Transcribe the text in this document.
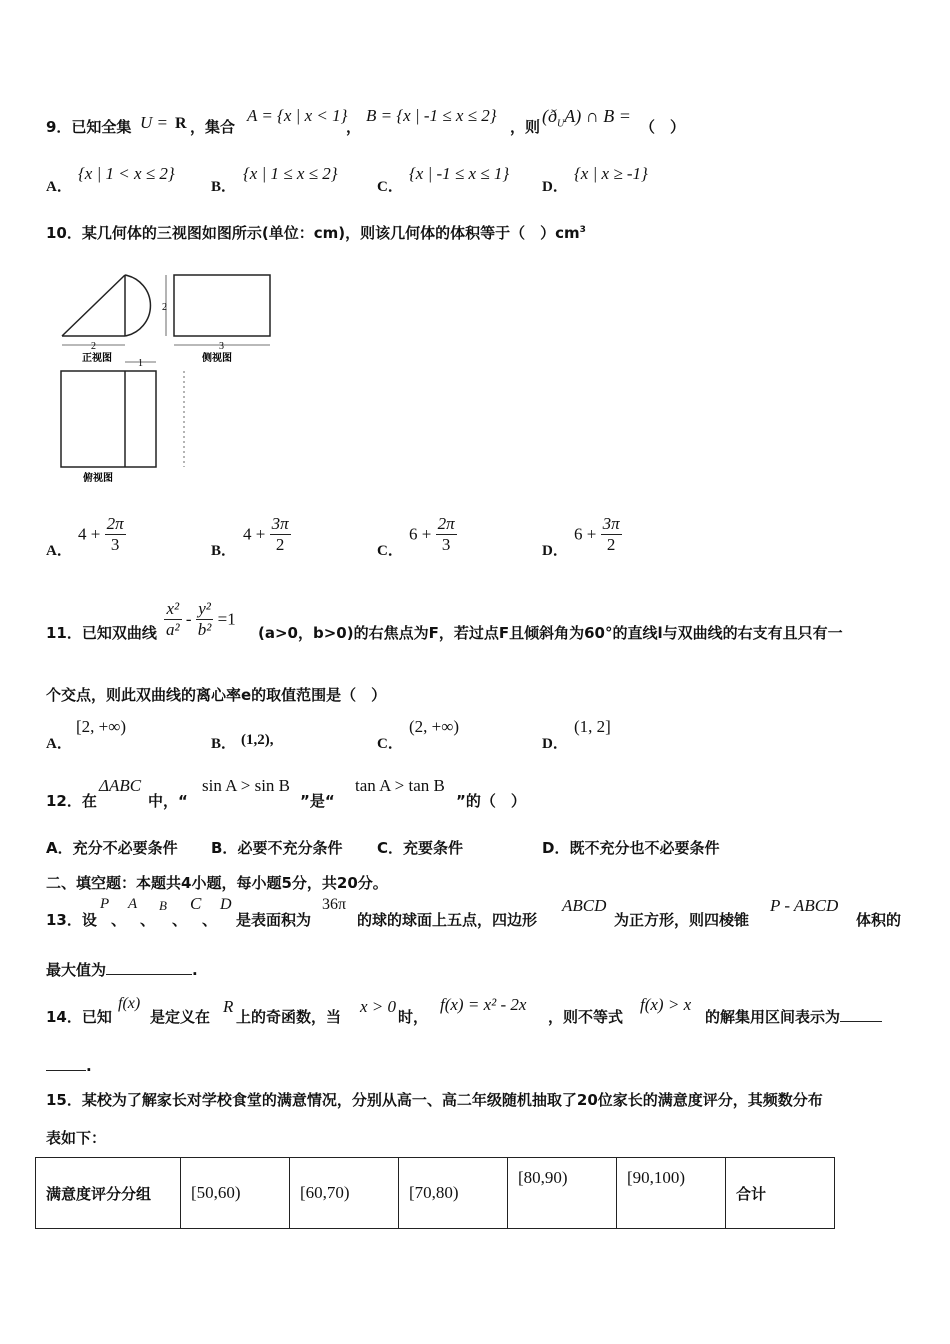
9．已知全集 U = R ，集合
A = {x | x < 1}
，
B = {x | -1 ≤ x ≤ 2}
，则
$(ð_UA)$ ∩ B =
（　）
A．
{x | 1 < x ≤ 2}
B．
{x | 1 ≤ x ≤ 2}
C．
{x | -1 ≤ x ≤ 1}
D．
{x | x ≥ -1}
10．某几何体的三视图如图所示(单位：cm)，则该几何体的体积等于（　）$cm^3$
2
2
3
1
正视图	侧视图
俯视图
A．
$4 + \frac{2\pi}{3}$	B．
$4 + \frac{3\pi}{2}$	C．
$6 + \frac{2\pi}{3}$	D．
$6 + \frac{3\pi}{2}$
11．已知双曲线 $\frac{\text{x²}}{\text{a²}} - \frac{\text{y²}}{\text{b²}} =1$
(a>0，b>0)的右焦点为F，若过点F且倾斜角为60°的直线l与双曲线的右支有且只有一
个交点，则此双曲线的离心率e的取值范围是（　）
A．
[2, +∞)
B． (1,2),	C．
(2, +∞)
D．
(1, 2]
12．在
ΔABC
中，“
sin A > sin B
”是“
tan A > tan B
”的（　）
A．充分不必要条件 B．必要不充分条件 C．充要条件	D．既不充分也不必要条件
二、填空题：本题共4小题，每小题5分，共20分。
13．设
P
、
A
、
B
、
C
、
D
是表面积为
36π
的球的球面上五点，四边形
ABCD
为正方形，则四棱锥
P - ABCD
体积的
最大值为	.
14．已知
f(x)
是定义在
R
上的奇函数，当
x > 0
时，
f(x) = x² - 2x
，则不等式
f(x) > x
的解集用区间表示为
.
15．某校为了解家长对学校食堂的满意情况，分别从高一、高二年级随机抽取了20位家长的满意度评分，其频数分布
表如下：
满意度评分分组	[50,60)	[60,70)	[70,80)	[80,90)	[90,100)	合计
